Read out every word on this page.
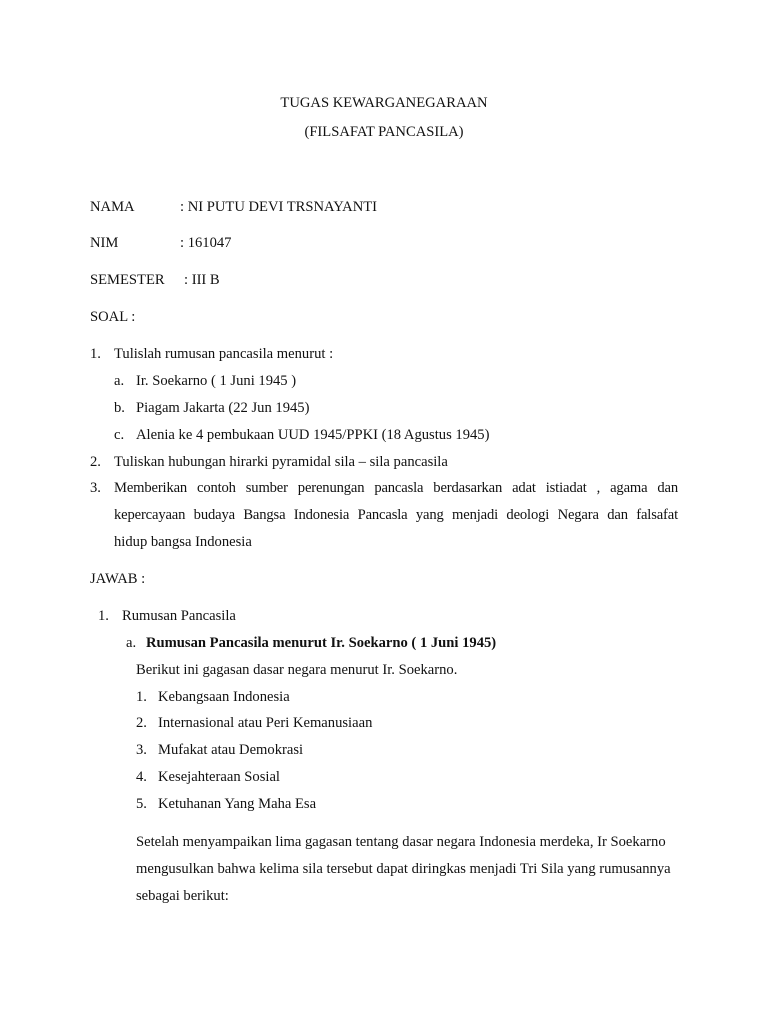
TUGAS KEWARGANEGARAAN
(FILSAFAT PANCASILA)
NAMA	: NI PUTU DEVI TRSNAYANTI
NIM	: 161047
SEMESTER : III B
SOAL :
1. Tulislah rumusan pancasila menurut :
a. Ir. Soekarno ( 1 Juni 1945 )
b. Piagam Jakarta (22 Jun 1945)
c. Alenia ke 4 pembukaan UUD 1945/PPKI (18 Agustus 1945)
2. Tuliskan hubungan hirarki pyramidal sila – sila pancasila
3. Memberikan contoh sumber perenungan pancasla berdasarkan adat istiadat , agama dan
kepercayaan budaya Bangsa Indonesia Pancasla yang menjadi deologi Negara dan falsafat
hidup bangsa Indonesia
JAWAB :
1. Rumusan Pancasila
a. Rumusan Pancasila menurut Ir. Soekarno ( 1 Juni 1945)
Berikut ini gagasan dasar negara menurut Ir. Soekarno.
1. Kebangsaan Indonesia
2. Internasional atau Peri Kemanusiaan
3. Mufakat atau Demokrasi
4. Kesejahteraan Sosial
5. Ketuhanan Yang Maha Esa
Setelah menyampaikan lima gagasan tentang dasar negara Indonesia merdeka, Ir Soekarno
mengusulkan bahwa kelima sila tersebut dapat diringkas menjadi Tri Sila yang rumusannya
sebagai berikut:
